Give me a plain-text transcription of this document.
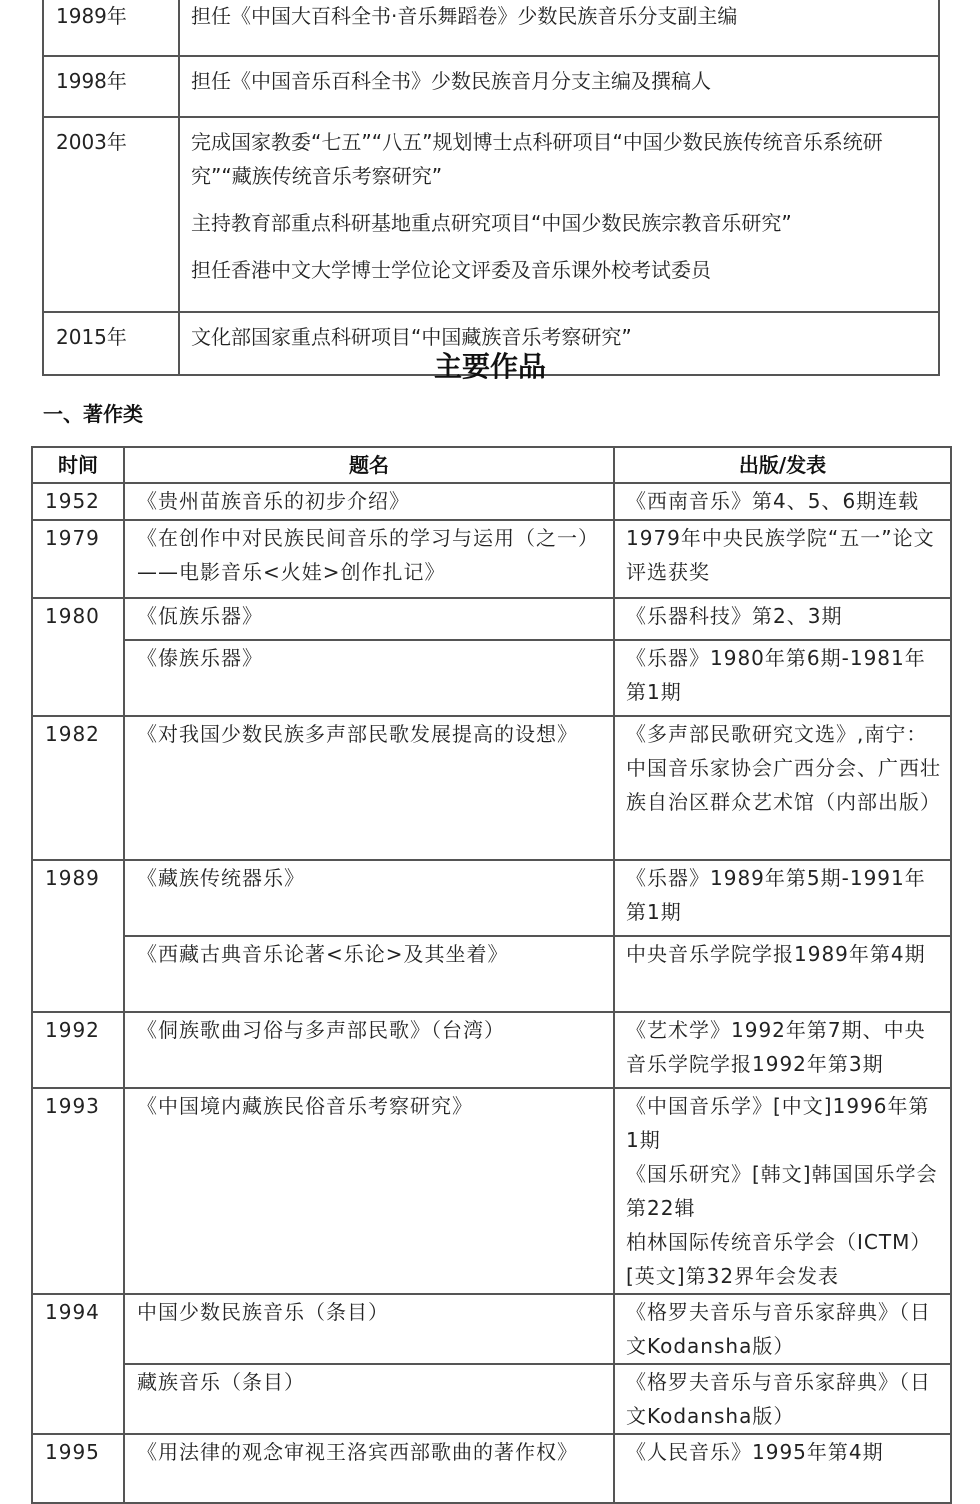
1989年	担任《中国大百科全书·音乐舞蹈卷》少数民族音乐分支副主编

1998年	担任《中国音乐百科全书》少数民族音月分支主编及撰稿人

2003年	完成国家教委“七五”“八五”规划博士点科研项目“中国少数民族传统音乐系统研究”“藏族传统音乐考察研究”
主持教育部重点科研基地重点研究项目“中国少数民族宗教音乐研究”
担任香港中文大学博士学位论文评委及音乐课外校考试委员

2015年	文化部国家重点科研项目“中国藏族音乐考察研究”
主要作品
一、著作类
时间	题名	出版/发表
1952	《贵州苗族音乐的初步介绍》	《西南音乐》第4、5、6期连载

1979	《在创作中对民族民间音乐的学习与运用（之一）——电影音乐<火娃>创作扎记》	1979年中央民族学院“五一”论文评选获奖

1980	《佤族乐器》	《乐器科技》第2、3期

	《傣族乐器》	《乐器》1980年第6期-1981年第1期

1982	《对我国少数民族多声部民歌发展提高的设想》	《多声部民歌研究文选》,南宁：中国音乐家协会广西分会、广西壮族自治区群众艺术馆（内部出版）

1989	《藏族传统器乐》	《乐器》1989年第5期-1991年第1期

	《西藏古典音乐论著<乐论>及其坐着》	中央音乐学院学报1989年第4期

1992	《侗族歌曲习俗与多声部民歌》（台湾）	《艺术学》1992年第7期、中央音乐学院学报1992年第3期

1993	《中国境内藏族民俗音乐考察研究》	《中国音乐学》[中文]1996年第1期
《国乐研究》[韩文]韩国国乐学会第22辑
柏林国际传统音乐学会（ICTM）[英文]第32界年会发表

1994	中国少数民族音乐（条目）	《格罗夫音乐与音乐家辞典》（日文Kodansha版）

	藏族音乐（条目）	《格罗夫音乐与音乐家辞典》（日文Kodansha版）

1995	《用法律的观念审视王洛宾西部歌曲的著作权》	《人民音乐》1995年第4期
